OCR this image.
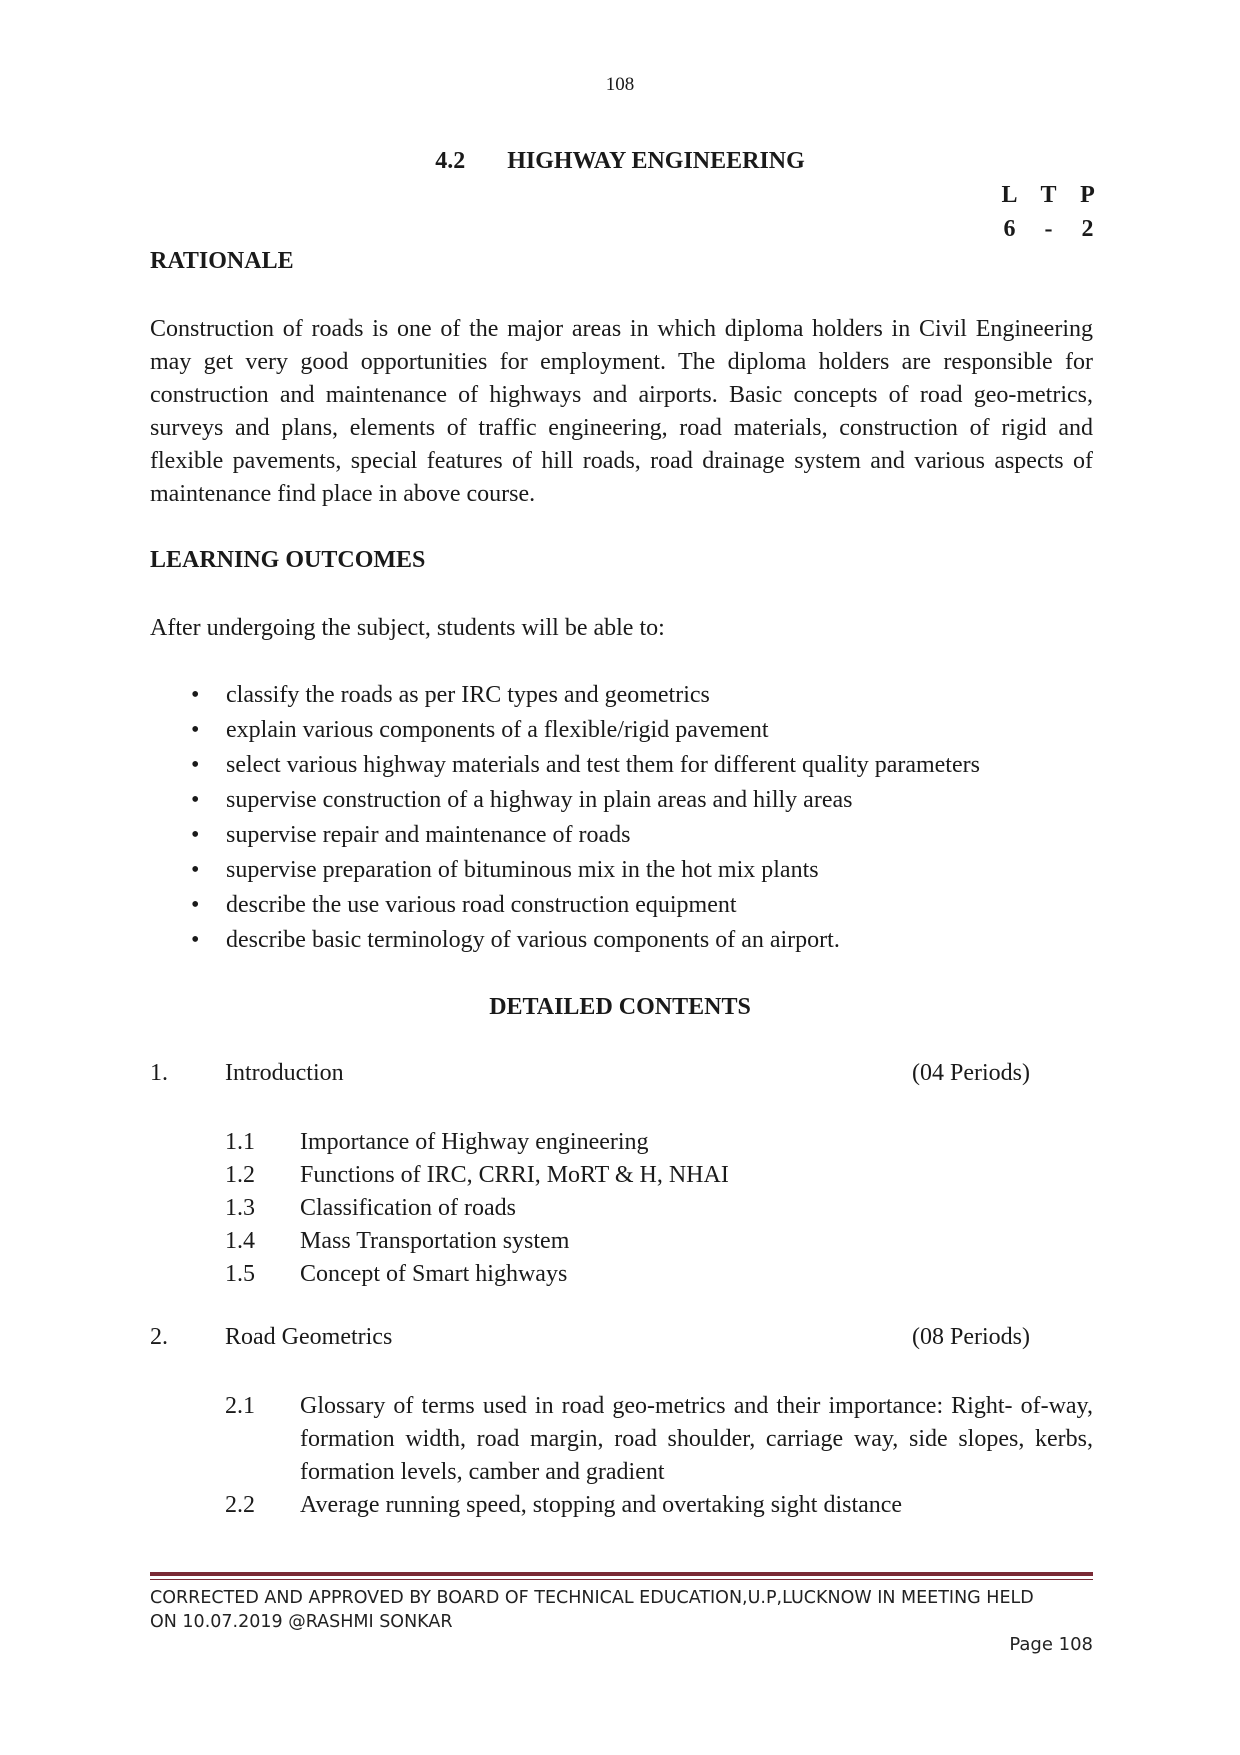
108
4.2 HIGHWAY ENGINEERING
L T P
6	-	2
RATIONALE
Construction of roads is one of the major areas in which diploma holders in Civil Engineering may get very good opportunities for employment. The diploma holders are responsible for construction and maintenance of highways and airports. Basic concepts of road geo-metrics, surveys and plans, elements of traffic engineering, road materials, construction of rigid and flexible pavements, special features of hill roads, road drainage system and various aspects of maintenance find place in above course.
LEARNING OUTCOMES
After undergoing the subject, students will be able to:
• classify the roads as per IRC types and geometrics
• explain various components of a flexible/rigid pavement
• select various highway materials and test them for different quality parameters
• supervise construction of a highway in plain areas and hilly areas
• supervise repair and maintenance of roads
• supervise preparation of bituminous mix in the hot mix plants
• describe the use various road construction equipment
• describe basic terminology of various components of an airport.
DETAILED CONTENTS
1. Introduction	(04 Periods)
1.1 Importance of Highway engineering
1.2 Functions of IRC, CRRI, MoRT & H, NHAI
1.3 Classification of roads
1.4 Mass Transportation system
1.5 Concept of Smart highways
2. Road Geometrics	(08 Periods)
2.1 Glossary of terms used in road geo-metrics and their importance: Right- of-way, formation width, road margin, road shoulder, carriage way, side slopes, kerbs, formation levels, camber and gradient
2.2 Average running speed, stopping and overtaking sight distance
CORRECTED AND APPROVED BY BOARD OF TECHNICAL EDUCATION,U.P,LUCKNOW IN MEETING HELD
ON 10.07.2019 @RASHMI SONKAR
Page 108
